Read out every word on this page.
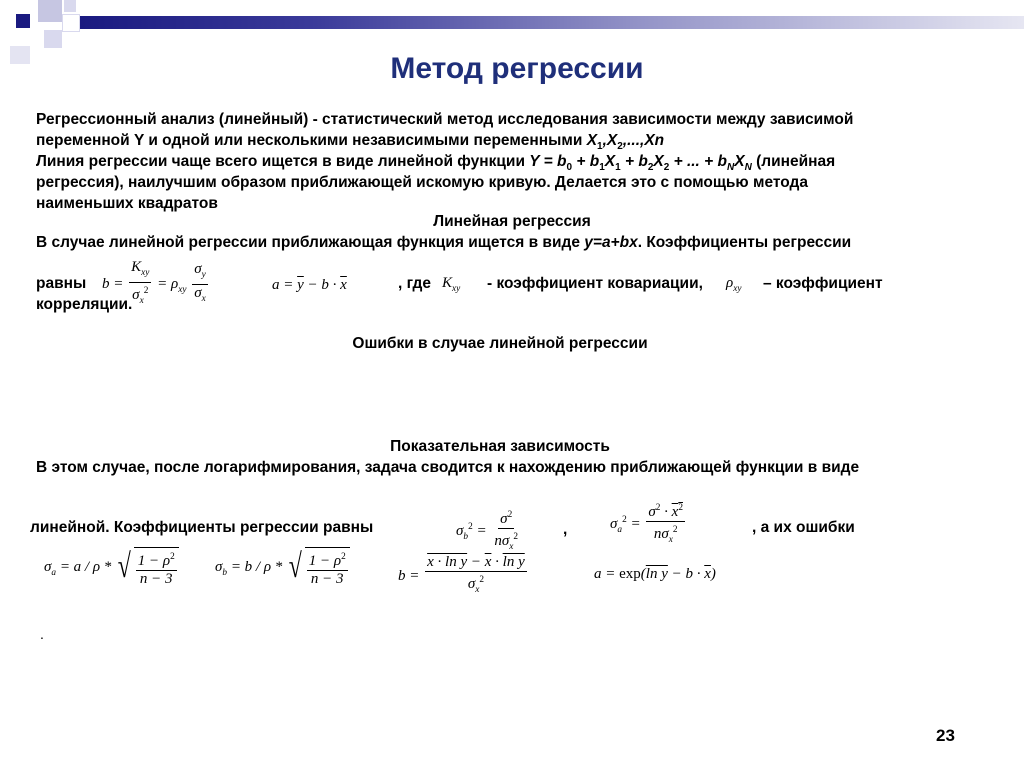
Метод регрессии
Регрессионный анализ (линейный) - статистический метод исследования зависимости между зависимой
переменной Y и одной или несколькими независимыми переменными $X_1,X_2,...,Xn$
Линия регрессии чаще всего ищется в виде линейной функции $Y = b_0 + b_1X_1 + b_2X_2$ + ... + $b_NX_N$ (линейная
регрессия), наилучшим образом приближающей искомую кривую. Делается это с помощью метода
наименьших квадратов
Линейная регрессия
В случае линейной регрессии приближающая функция ищется в виде y=a+bx. Коэффициенты регрессии
равны $b = \frac{K_{xy}}{\sigma_x^2} = \rho_{xy} \frac{\sigma_y}{\sigma_x}$	$a = \overline{y} - b \cdot \overline{x}$	, где $K_{xy}$ - коэффициент ковариации, $\rho_{xy}$ – коэффициент
корреляции.
Ошибки в случае линейной регрессии
Показательная зависимость
В этом случае, после логарифмирования, задача сводится к нахождению приближающей функции в виде
линейной. Коэффициенты регрессии равны	$\sigma_b^2 = \frac{\sigma^2}{n\sigma_x^2}$	,	$\sigma_a^2 = \frac{\sigma^2 \cdot x^2}{n\sigma_x^2}$	, а их ошибки
$\sigma_a = a / \rho$ * √ $\frac{1 - \rho^2}{n - 3}$	$\sigma_b = b / \rho$ * √ $\frac{1 - \rho^2}{n - 3}$	$b = \frac{x \cdot \ln y - \overline{x} \cdot \ln y}{\sigma_x^2}$	a = exp(ln $y - b \cdot \overline{x}$)
.
23
